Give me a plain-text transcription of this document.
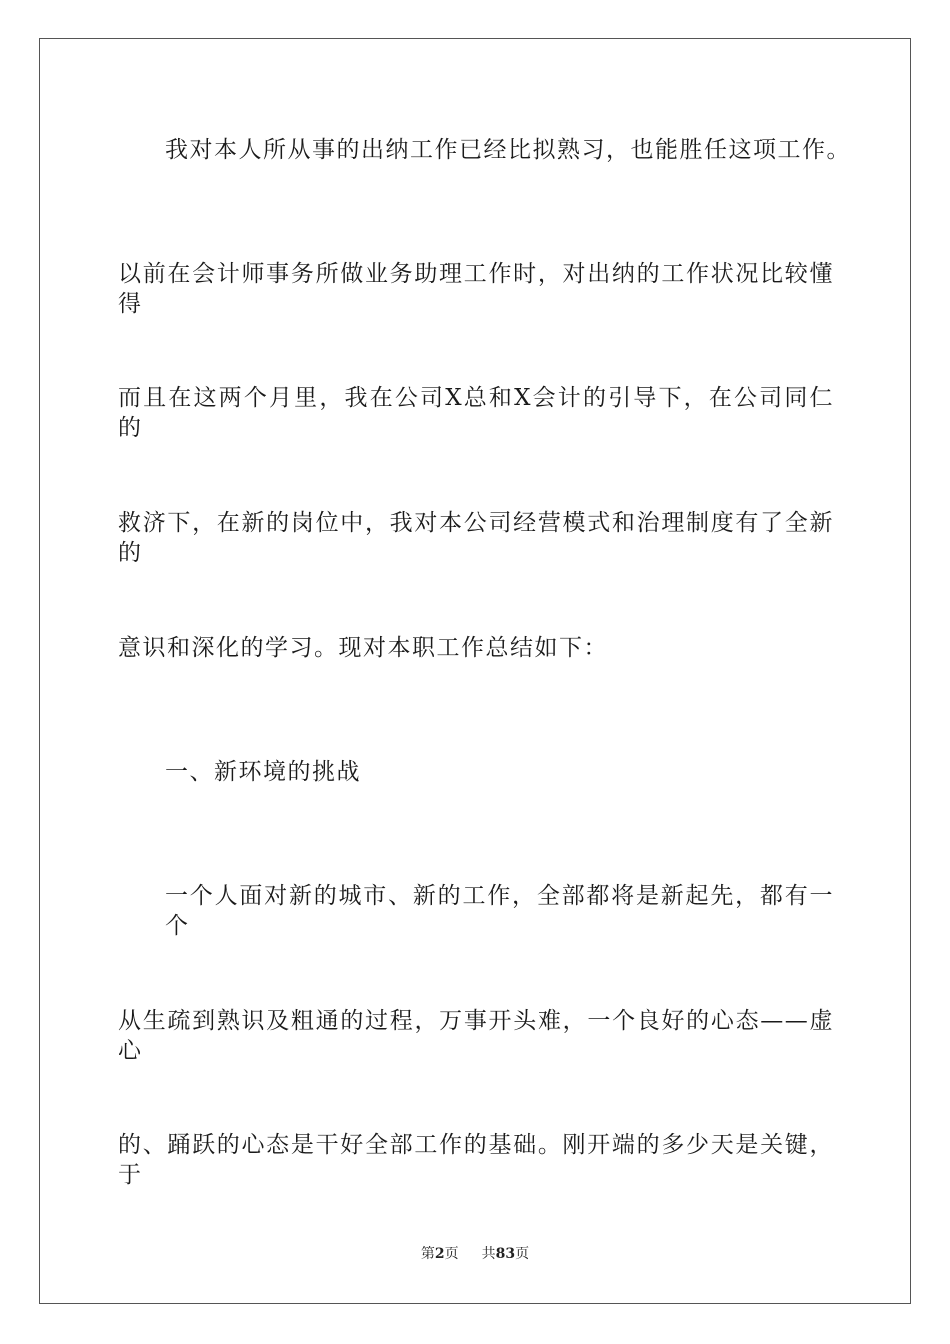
我对本人所从事的出纳工作已经比拟熟习，也能胜任这项工作。
以前在会计师事务所做业务助理工作时，对出纳的工作状况比较懂得
而且在这两个月里，我在公司X总和X会计的引导下，在公司同仁的
救济下，在新的岗位中，我对本公司经营模式和治理制度有了全新的
意识和深化的学习。现对本职工作总结如下：
一、新环境的挑战
一个人面对新的城市、新的工作，全部都将是新起先，都有一个
从生疏到熟识及粗通的过程，万事开头难，一个良好的心态——虚心
的、踊跃的心态是干好全部工作的基础。刚开端的多少天是关键，于
第2页 共83页
